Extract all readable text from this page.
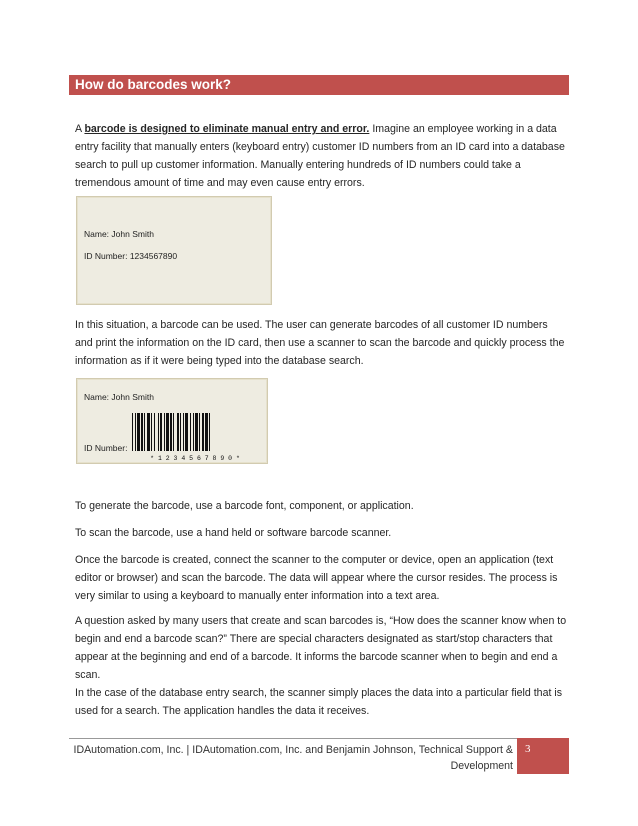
How do barcodes work?

A barcode is designed to eliminate manual entry and error. Imagine an employee working in a data entry facility that manually enters (keyboard entry) customer ID numbers from an ID card into a database search to pull up customer information. Manually entering hundreds of ID numbers could take a tremendous amount of time and may even cause entry errors.

Name: John Smith
ID Number: 1234567890

In this situation, a barcode can be used. The user can generate barcodes of all customer ID numbers and print the information on the ID card, then use a scanner to scan the barcode and quickly process the information as if it were being typed into the database search.

Name: John Smith
ID Number:
* 1 2 3 4 5 6 7 8 9 0 *

To generate the barcode, use a barcode font, component, or application.

To scan the barcode, use a hand held or software barcode scanner.

Once the barcode is created, connect the scanner to the computer or device, open an application (text editor or browser) and scan the barcode. The data will appear where the cursor resides. The process is very similar to using a keyboard to manually enter information into a text area.

A question asked by many users that create and scan barcodes is, “How does the scanner know when to begin and end a barcode scan?” There are special characters designated as start/stop characters that appear at the beginning and end of a barcode. It informs the barcode scanner when to begin and end a scan.

In the case of the database entry search, the scanner simply places the data into a particular field that is used for a search. The application handles the data it receives.

IDAutomation.com, Inc. | IDAutomation.com, Inc. and Benjamin Johnson, Technical Support & Development
3
